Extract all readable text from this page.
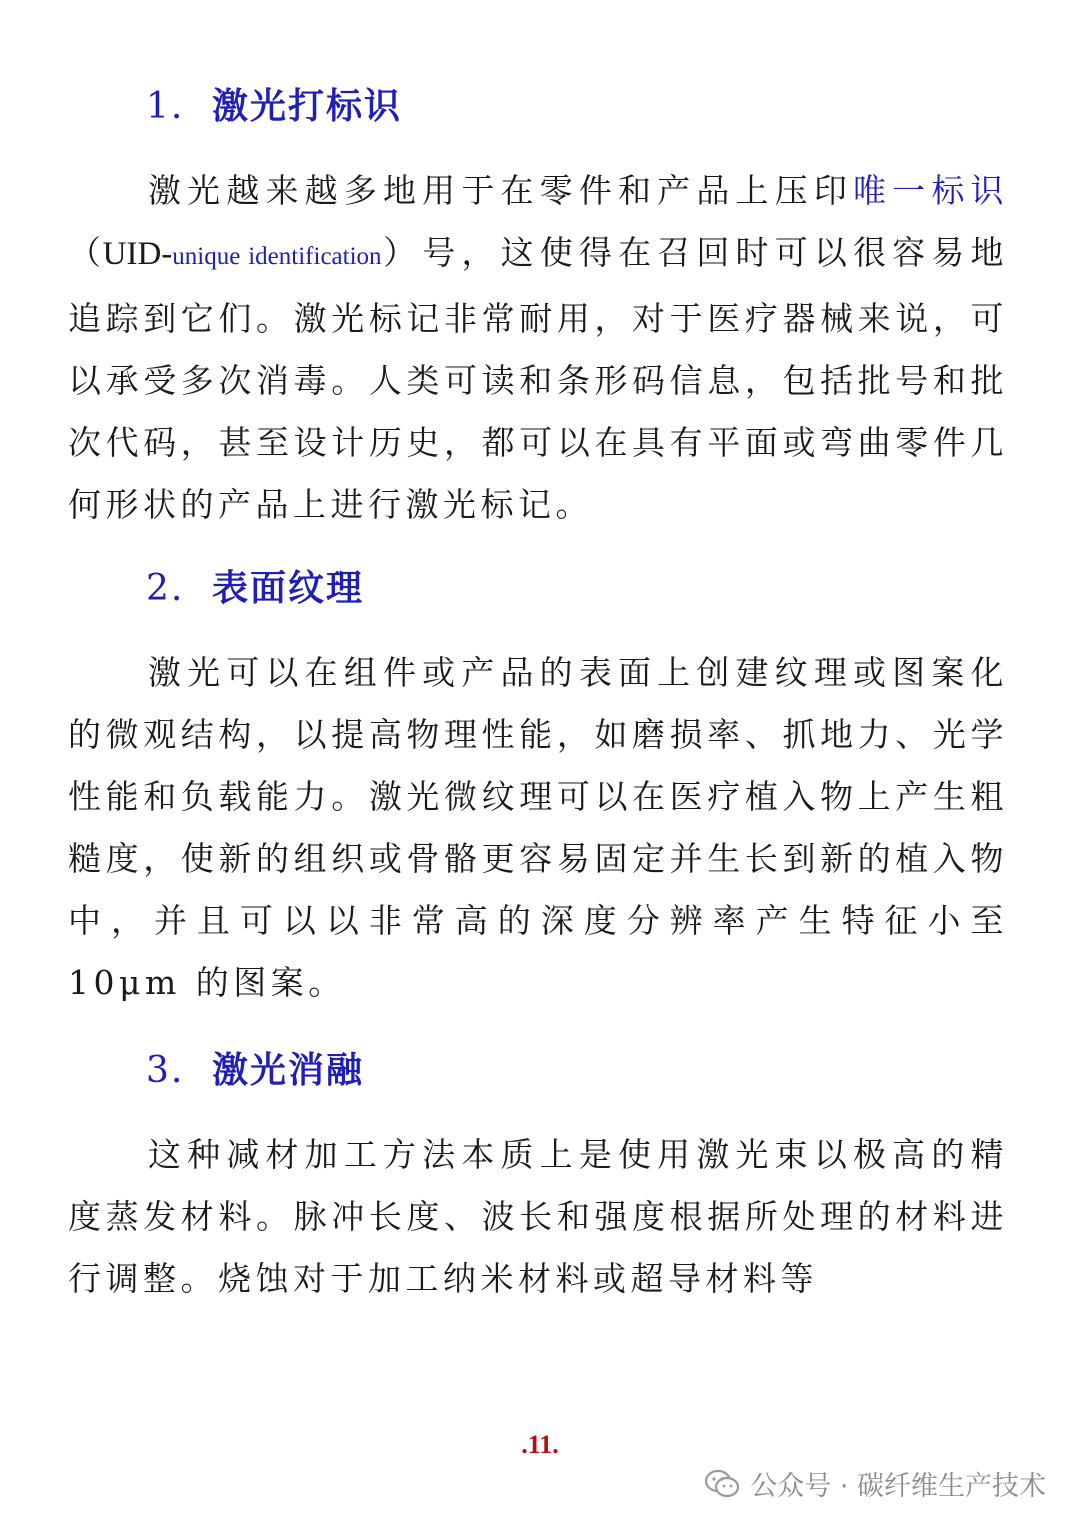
1. 激光打标识

激光越来越多地用于在零件和产品上压印唯一标识（UID-unique identification）号，这使得在召回时可以很容易地追踪到它们。激光标记非常耐用，对于医疗器械来说，可以承受多次消毒。人类可读和条形码信息，包括批号和批次代码，甚至设计历史，都可以在具有平面或弯曲零件几何形状的产品上进行激光标记。

2. 表面纹理

激光可以在组件或产品的表面上创建纹理或图案化的微观结构，以提高物理性能，如磨损率、抓地力、光学性能和负载能力。激光微纹理可以在医疗植入物上产生粗糙度，使新的组织或骨骼更容易固定并生长到新的植入物中，并且可以以非常高的深度分辨率产生特征小至 10μm 的图案。

3. 激光消融

这种减材加工方法本质上是使用激光束以极高的精度蒸发材料。脉冲长度、波长和强度根据所处理的材料进行调整。烧蚀对于加工纳米材料或超导材料等

.11.
公众号 · 碳纤维生产技术
